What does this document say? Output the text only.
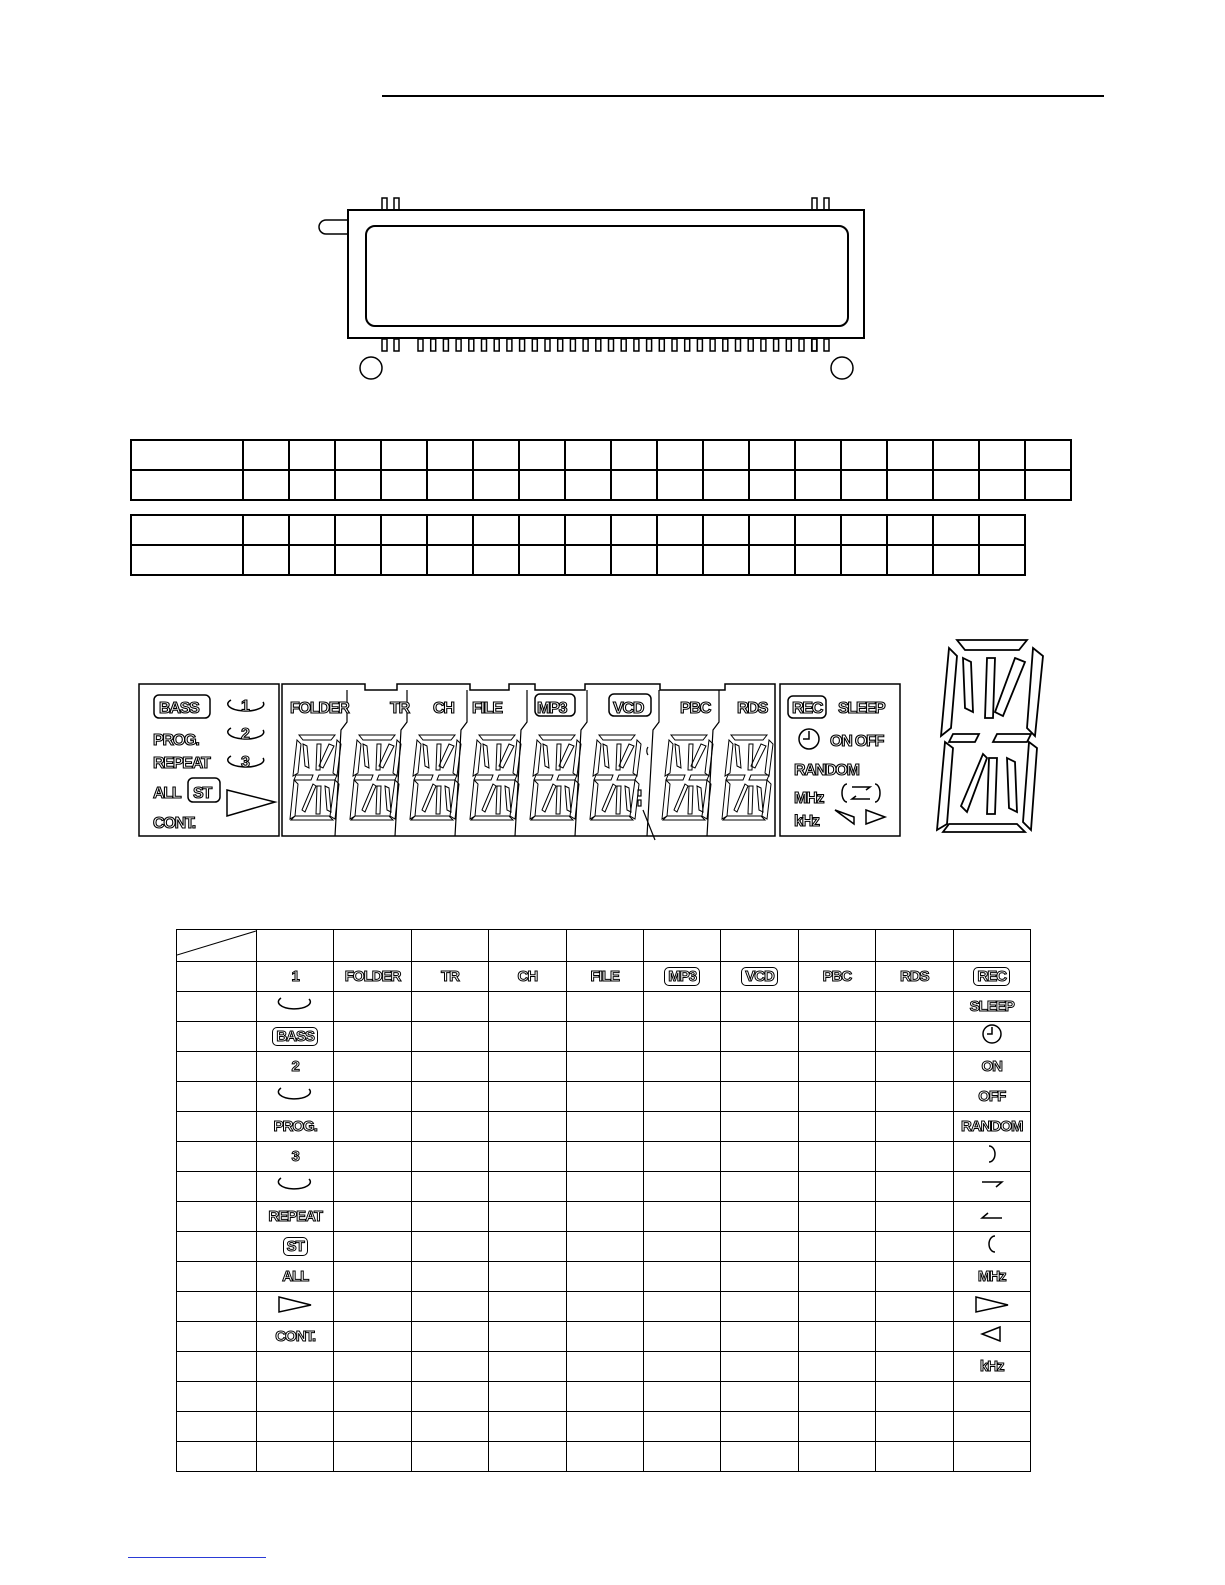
BASS
PROG.
REPEAT
ALL ST
CONT.
1
2
3
FOLDER	TR CH FILE MP3	VCD PBC RDS REC SLEEP
ON OFF
RANDOM
MHz
kHz

	1	FOLDER	TR	CH	FILE	MP3	VCD	PBC	RDS	REC
										SLEEP
	BASS									
	2									ON
										OFF
	PROG.									RANDOM
	3									

	REPEAT									
	ST									
	ALL									MHz

	CONT.									
										kHz
